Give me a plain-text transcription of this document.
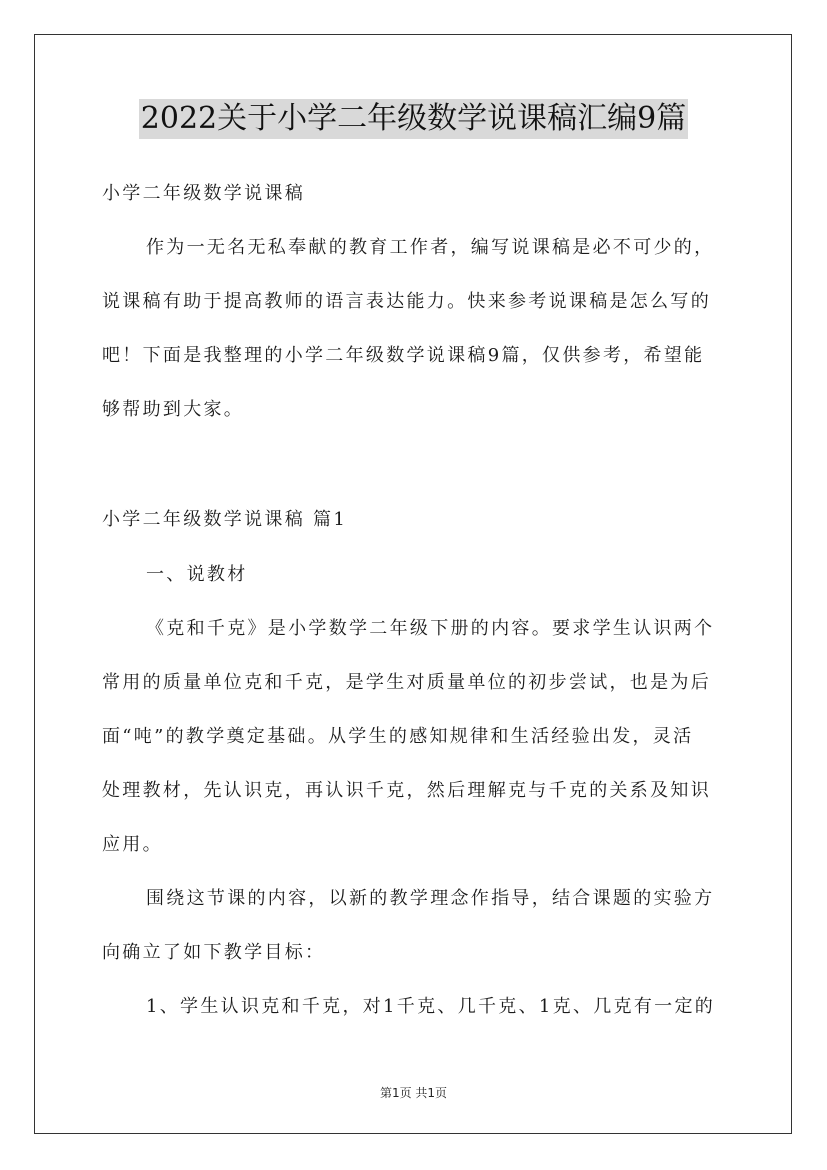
2022关于小学二年级数学说课稿汇编9篇
小学二年级数学说课稿
作为一无名无私奉献的教育工作者，编写说课稿是必不可少的，
说课稿有助于提高教师的语言表达能力。快来参考说课稿是怎么写的
吧！下面是我整理的小学二年级数学说课稿9篇，仅供参考，希望能
够帮助到大家。
小学二年级数学说课稿 篇1
一、说教材
《克和千克》是小学数学二年级下册的内容。要求学生认识两个
常用的质量单位克和千克，是学生对质量单位的初步尝试，也是为后
面“吨”的教学奠定基础。从学生的感知规律和生活经验出发，灵活
处理教材，先认识克，再认识千克，然后理解克与千克的关系及知识
应用。
围绕这节课的内容，以新的教学理念作指导，结合课题的实验方
向确立了如下教学目标：
1、学生认识克和千克，对1千克、几千克、1克、几克有一定的
第1页 共1页
